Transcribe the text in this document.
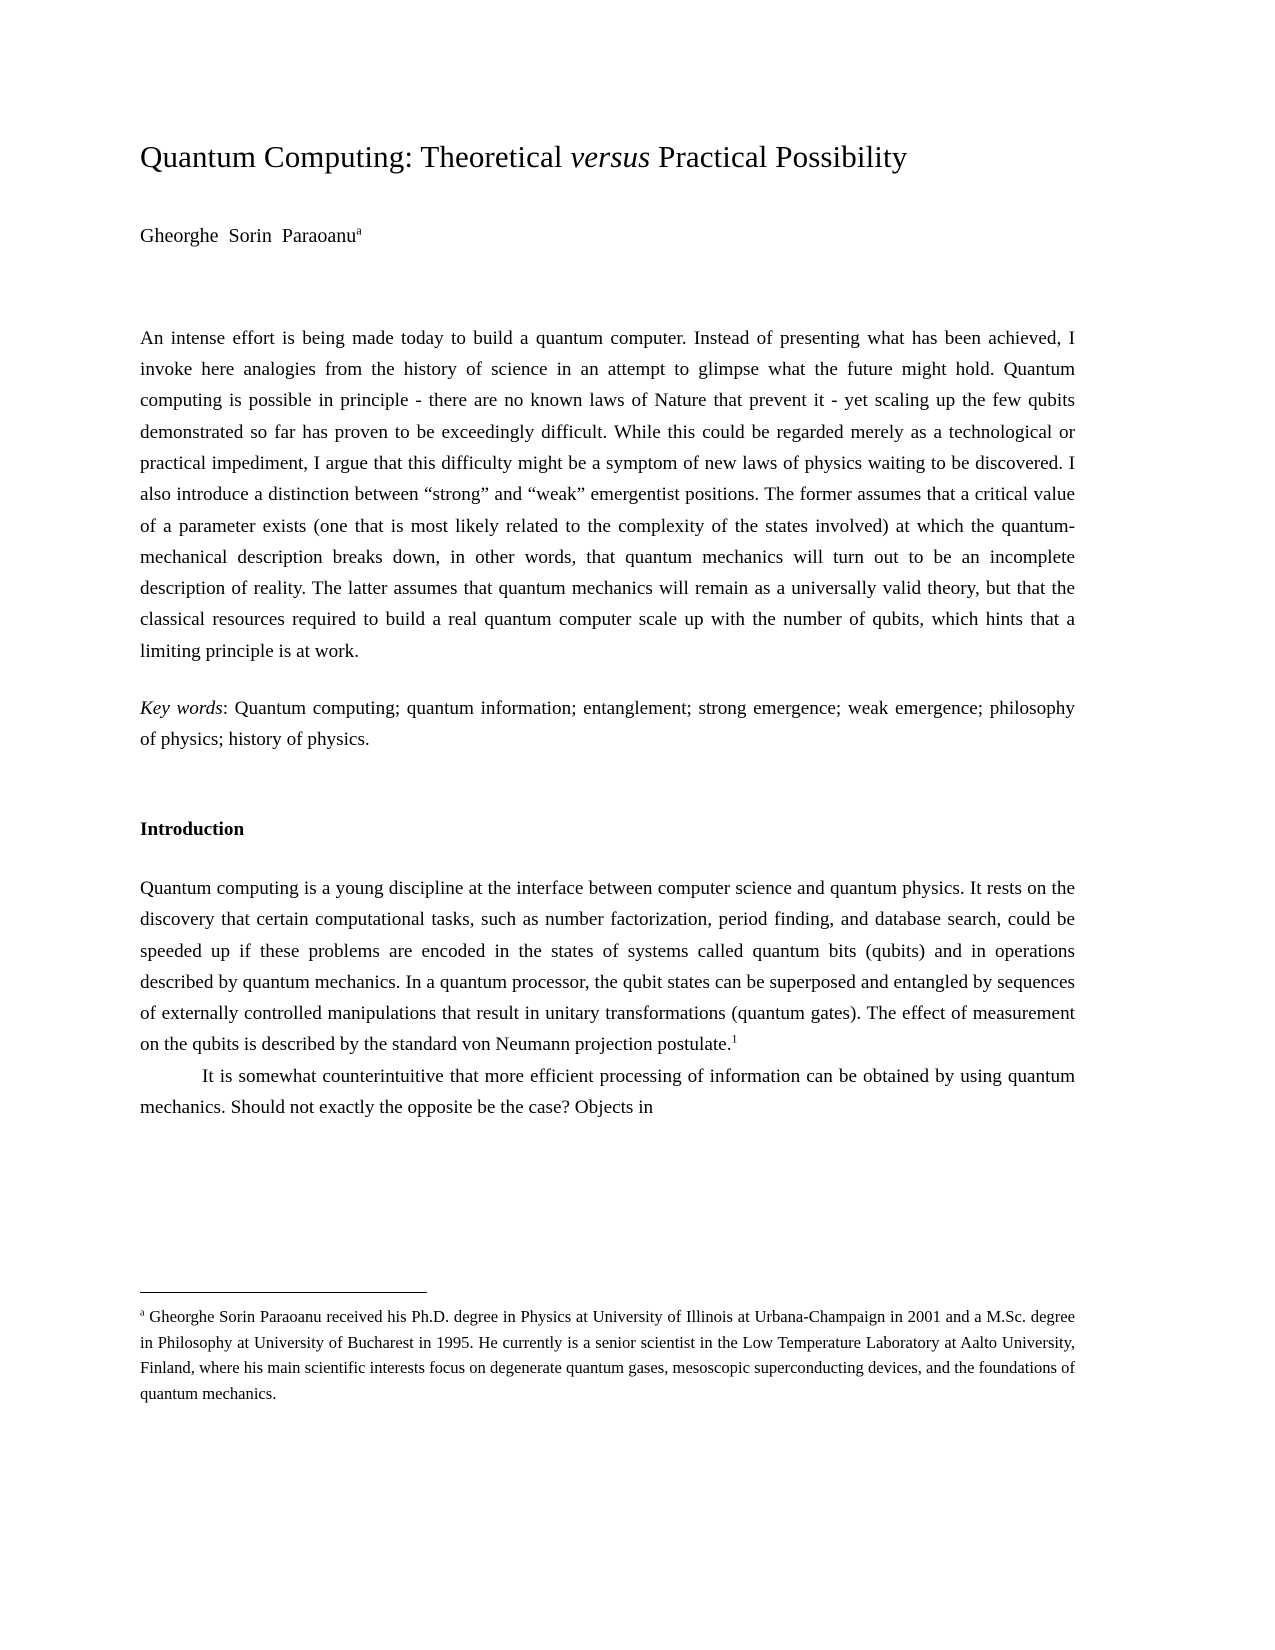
Quantum Computing: Theoretical versus Practical Possibility

Gheorghe  Sorin  Paraoanu$^a$

An intense effort is being made today to build a quantum computer. Instead of presenting what has been achieved, I invoke here analogies from the history of science in an attempt to glimpse what the future might hold. Quantum computing is possible in principle - there are no known laws of Nature that prevent it - yet scaling up the few qubits demonstrated so far has proven to be exceedingly difficult. While this could be regarded merely as a technological or practical impediment, I argue that this difficulty might be a symptom of new laws of physics waiting to be discovered. I also introduce a distinction between “strong” and “weak” emergentist positions. The former assumes that a critical value of a parameter exists (one that is most likely related to the complexity of the states involved) at which the quantum-mechanical description breaks down, in other words, that quantum mechanics will turn out to be an incomplete description of reality. The latter assumes that quantum mechanics will remain as a universally valid theory, but that the classical resources required to build a real quantum computer scale up with the number of qubits, which hints that a limiting principle is at work.

Key words: Quantum computing; quantum information; entanglement; strong emergence; weak emergence; philosophy of physics; history of physics.

Introduction

Quantum computing is a young discipline at the interface between computer science and quantum physics. It rests on the discovery that certain computational tasks, such as number factorization, period finding, and database search, could be speeded up if these problems are encoded in the states of systems called quantum bits (qubits) and in operations described by quantum mechanics. In a quantum processor, the qubit states can be superposed and entangled by sequences of externally controlled manipulations that result in unitary transformations (quantum gates). The effect of measurement on the qubits is described by the standard von Neumann projection postulate.$^1$

It is somewhat counterintuitive that more efficient processing of information can be obtained by using quantum mechanics. Should not exactly the opposite be the case? Objects in

$^a$ Gheorghe Sorin Paraoanu received his Ph.D. degree in Physics at University of Illinois at Urbana-Champaign in 2001 and a M.Sc. degree in Philosophy at University of Bucharest in 1995. He currently is a senior scientist in the Low Temperature Laboratory at Aalto University, Finland, where his main scientific interests focus on degenerate quantum gases, mesoscopic superconducting devices, and the foundations of quantum mechanics.
